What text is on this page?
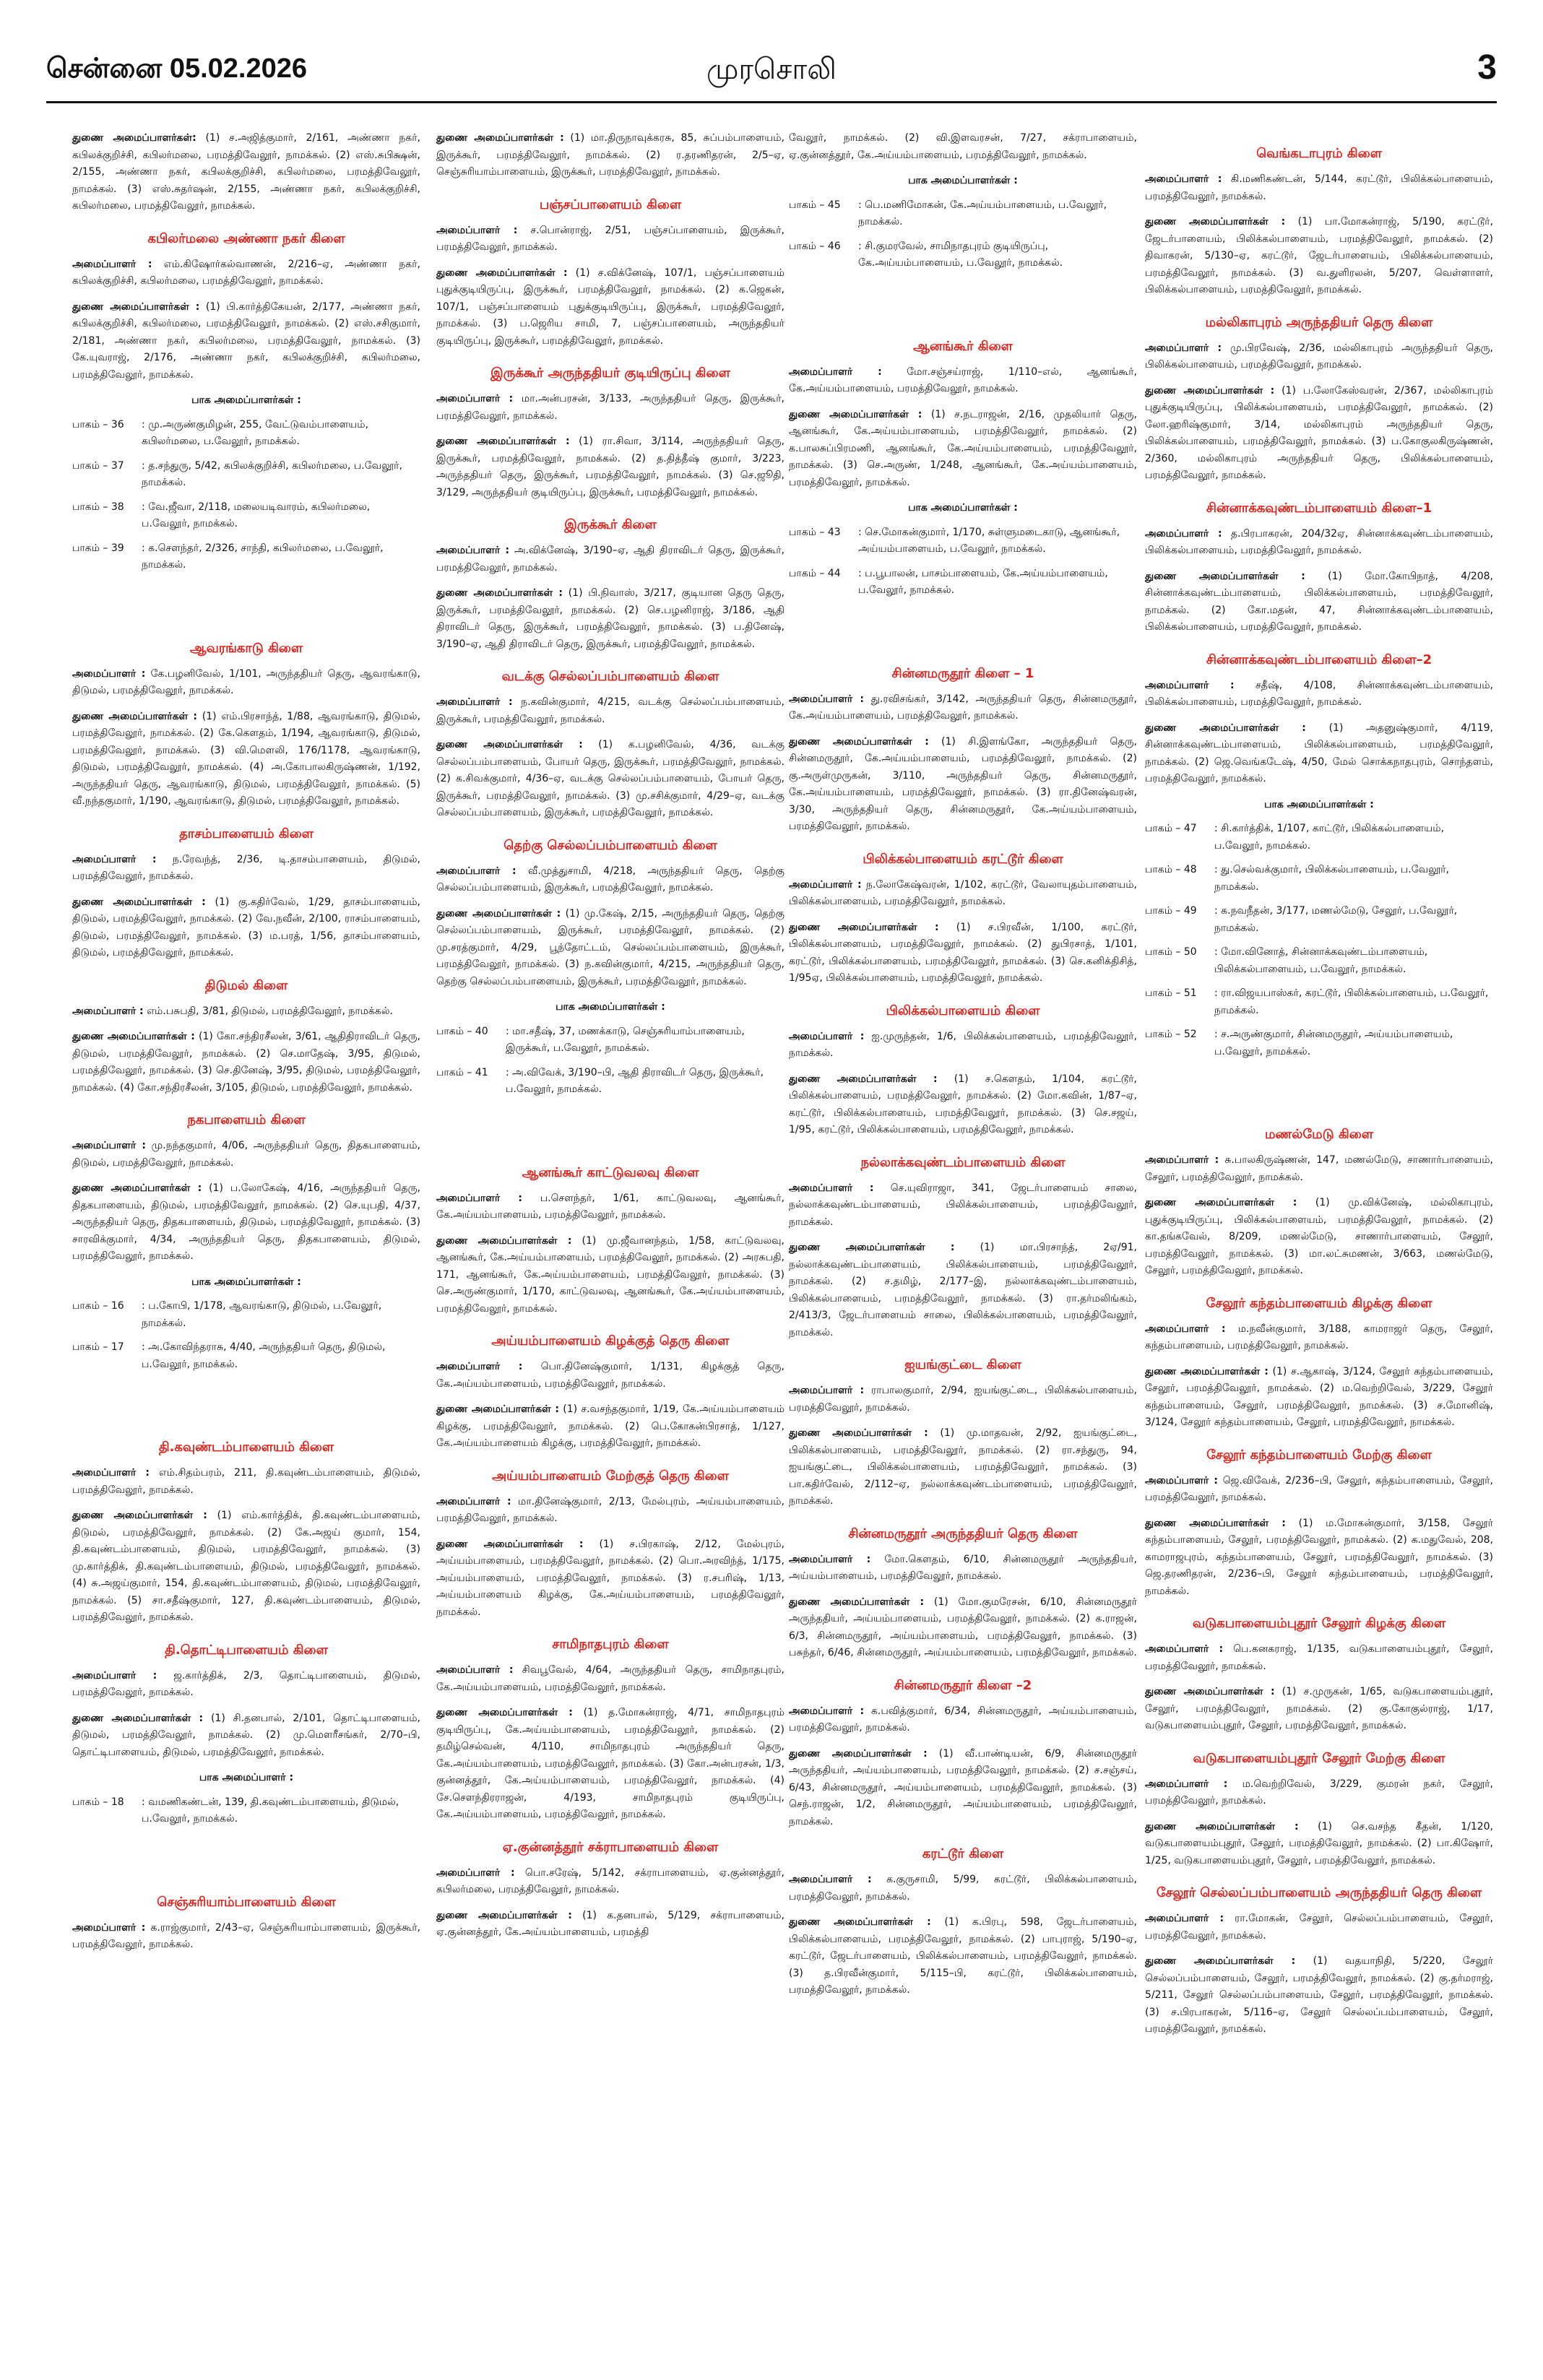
சென்னை 05.02.2026	முரசொலி	3

துணை அமைப்பாளர்கள்: (1) ச.அஜித்குமார், 2/161, அண்ணா நகர், கபிலக்குறிச்சி, கபிலர்மலை, பரமத்திவேலூர், நாமக்கல். (2) எஸ்.சுபிக்ஷன், 2/155, அண்ணா நகர், கபிலக்குறிச்சி, கபிலர்மலை, பரமத்திவேலூர், நாமக்கல். (3) எஸ்.சுதர்ஷன், 2/155, அண்ணா நகர், கபிலக்குறிச்சி, கபிலர்மலை, பரமத்திவேலூர், நாமக்கல்.

கபிலர்மலை அண்ணா நகர் கிளை

அமைப்பாளர் : எம்.கிஷோர்கல்வாணன், 2/216–ஏ, அண்ணா நகர், கபிலக்குறிச்சி, கபிலர்மலை, பரமத்திவேலூர், நாமக்கல்.

துணை அமைப்பாளர்கள் : (1) பி.கார்த்திகேயன், 2/177, அண்ணா நகர், கபிலக்குறிச்சி, கபிலர்மலை, பரமத்திவேலூர், நாமக்கல். (2) எஸ்.சசிகுமார், 2/181, அண்ணா நகர், கபிலர்மலை, பரமத்திவேலூர், நாமக்கல். (3) கே.யுவராஜ், 2/176, அண்ணா நகர், கபிலக்குறிச்சி, கபிலர்மலை, பரமத்திவேலூர், நாமக்கல்.

பாக அமைப்பாளர்கள் :
பாகம் – 36	: மு.அருண்குமிழன், 255, வேட்டுவம்பாளையம், கபிலர்மலை, ப.வேலூர், நாமக்கல்.
பாகம் – 37	: த.சந்துரு, 5/42, கபிலக்குறிச்சி, கபிலர்மலை, ப.வேலூர், நாமக்கல்.
பாகம் – 38	: வே.ஜீவா, 2/118, மலையடிவாரம், கபிலர்மலை, ப.வேலூர், நாமக்கல்.
பாகம் – 39	: க.செளந்தர், 2/326, சாந்தி, கபிலர்மலை, ப.வேலூர், நாமக்கல்.
ஆவரங்காடு கிளை

அமைப்பாளர் : கே.பழனிவேல், 1/101, அருந்ததியர் தெரு, ஆவரங்காடு, திடுமல், பரமத்திவேலூர், நாமக்கல்.

துணை அமைப்பாளர்கள் : (1) எம்.பிரசாந்த், 1/88, ஆவரங்காடு, திடுமல், பரமத்திவேலூர், நாமக்கல். (2) கே.கௌதம், 1/194, ஆவரங்காடு, திடுமல், பரமத்திவேலூர், நாமக்கல். (3) வி.மௌலி, 176/1178, ஆவரங்காடு, திடுமல், பரமத்திவேலூர், நாமக்கல். (4) அ.கோபாலகிருஷ்ணன், 1/192, அருந்ததியர் தெரு, ஆவரங்காடு, திடுமல், பரமத்திவேலூர், நாமக்கல். (5) வீ.நந்தகுமார், 1/190, ஆவரங்காடு, திடுமல், பரமத்திவேலூர், நாமக்கல்.

தாசம்பாளையம் கிளை

அமைப்பாளர் : ந.ரேவந்த், 2/36, டி.தாசம்பாளையம், திடுமல், பரமத்திவேலூர், நாமக்கல்.

துணை அமைப்பாளர்கள் : (1) கு.கதிர்வேல், 1/29, தாசம்பாளையம், திடுமல், பரமத்திவேலூர், நாமக்கல். (2) வே.நவீன், 2/100, ராசம்பாளையம், திடுமல், பரமத்திவேலூர், நாமக்கல். (3) ம.பரத், 1/56, தாசம்பாளையம், திடுமல், பரமத்திவேலூர், நாமக்கல்.

திடுமல் கிளை

அமைப்பாளர் : எம்.பசுபதி, 3/81, திடுமல், பரமத்திவேலூர், நாமக்கல்.

துணை அமைப்பாளர்கள் : (1) கோ.சந்திரசீலன், 3/61, ஆதிதிராவிடர் தெரு, திடுமல், பரமத்திவேலூர், நாமக்கல். (2) செ.மாதேஷ், 3/95, திடுமல், பரமத்திவேலூர், நாமக்கல். (3) செ.தினேஷ், 3/95, திடுமல், பரமத்திவேலூர், நாமக்கல். (4) கோ.சந்திரசீலன், 3/105, திடுமல், பரமத்திவேலூர், நாமக்கல்.

நகபாளையம் கிளை

அமைப்பாளர் : மு.நந்தகுமார், 4/06, அருந்ததியர் தெரு, திதகபாளையம், திடுமல், பரமத்திவேலூர், நாமக்கல்.

துணை அமைப்பாளர்கள் : (1) ப.லோகேஷ், 4/16, அருந்ததியர் தெரு, திதகபாளையம், திடுமல், பரமத்திவேலூர், நாமக்கல். (2) செ.யுபதி, 4/37, அருந்ததியர் தெரு, திதகபாளையம், திடுமல், பரமத்திவேலூர், நாமக்கல். (3) சாரவிக்குமார், 4/34, அருந்ததியர் தெரு, திதகபாளையம், திடுமல், பரமத்திவேலூர், நாமக்கல்.

பாக அமைப்பாளர்கள் :
பாகம் – 16	: ப.கோபி, 1/178, ஆவரங்காடு, திடுமல், ப.வேலூர், நாமக்கல்.
பாகம் – 17	: அ.கோவிந்தராசு, 4/40, அருந்ததியர் தெரு, திடுமல், ப.வேலூர், நாமக்கல்.
தி.கவுண்டம்பாளையம் கிளை

அமைப்பாளர் : எம்.சிதம்பரம், 211, தி.கவுண்டம்பாளையம், திடுமல், பரமத்திவேலூர், நாமக்கல்.

துணை அமைப்பாளர்கள் : (1) எம்.கார்த்திக், தி.கவுண்டம்பாளையம், திடுமல், பரமத்திவேலூர், நாமக்கல். (2) கே.அஜய் குமார், 154, தி.கவுண்டம்பாளையம், திடுமல், பரமத்திவேலூர், நாமக்கல். (3) மு.கார்த்திக், தி.கவுண்டம்பாளையம், திடுமல், பரமத்திவேலூர், நாமக்கல். (4) சு.அஜய்குமார், 154, தி.கவுண்டம்பாளையம், திடுமல், பரமத்திவேலூர், நாமக்கல். (5) சா.சதீஷ்குமார், 127, தி.கவுண்டம்பாளையம், திடுமல், பரமத்திவேலூர், நாமக்கல்.

தி.தொட்டிபாளையம் கிளை

அமைப்பாளர் : ஜ.கார்த்திக், 2/3, தொட்டிபாளையம், திடுமல், பரமத்திவேலூர், நாமக்கல்.

துணை அமைப்பாளர்கள் : (1) சி.தனபால், 2/101, தொட்டிபாளையம், திடுமல், பரமத்திவேலூர், நாமக்கல். (2) மு.மௌரீசங்கர், 2/70–பி, தொட்டிபாளையம், திடுமல், பரமத்திவேலூர், நாமக்கல்.

பாக அமைப்பாளர் :
பாகம் – 18	: வமணிகண்டன், 139, தி.கவுண்டம்பாளையம், திடுமல், ப.வேலூர், நாமக்கல்.
செஞ்சுரியாம்பாளையம் கிளை

அமைப்பாளர் : க.ராஜ்குமார், 2/43–ஏ, செஞ்சுரியாம்பாளையம், இருக்கூர், பரமத்திவேலூர், நாமக்கல்.

துணை அமைப்பாளர்கள் : (1) மா.திருநாவுக்கரசு, 85, சுப்பம்பாளையம், இருக்கூர், பரமத்திவேலூர், நாமக்கல். (2) ர.தரணிதரன், 2/5–ஏ, செஞ்சுரியாம்பாளையம், இருக்கூர், பரமத்திவேலூர், நாமக்கல்.

பஞ்சப்பாளையம் கிளை

அமைப்பாளர் : ச.பொன்ராஜ், 2/51, பஞ்சப்பாளையம், இருக்கூர், பரமத்திவேலூர், நாமக்கல்.

துணை அமைப்பாளர்கள் : (1) ச.விக்னேஷ், 107/1, பஞ்சப்பாளையம் புதுக்குடியிருப்பு, இருக்கூர், பரமத்திவேலூர், நாமக்கல். (2) க.ஜெகன், 107/1, பஞ்சப்பாளையம் புதுக்குடியிருப்பு, இருக்கூர், பரமத்திவேலூர், நாமக்கல். (3) ப.ஜெரிய சாமி, 7, பஞ்சப்பாளையம், அருந்ததியர் குடியிருப்பு, இருக்கூர், பரமத்திவேலூர், நாமக்கல்.

இருக்கூர் அருந்ததியர் குடியிருப்பு கிளை

அமைப்பாளர் : மா.அன்பரசன், 3/133, அருந்ததியர் தெரு, இருக்கூர், பரமத்திவேலூர், நாமக்கல்.

துணை அமைப்பாளர்கள் : (1) ரா.சிவா, 3/114, அருந்ததியர் தெரு, இருக்கூர், பரமத்திவேலூர், நாமக்கல். (2) த.தித்தீஷ் குமார், 3/223, அருந்ததியர் தெரு, இருக்கூர், பரமத்திவேலூர், நாமக்கல். (3) செ.ஜூதி, 3/129, அருந்ததியர் குடியிருப்பு, இருக்கூர், பரமத்திவேலூர், நாமக்கல்.

இருக்கூர் கிளை

அமைப்பாளர் : அ.விக்னேஷ், 3/190–ஏ, ஆதி திராவிடர் தெரு, இருக்கூர், பரமத்திவேலூர், நாமக்கல்.

துணை அமைப்பாளர்கள் : (1) பி.நிவாஸ், 3/217, குடியான தெரு தெரு, இருக்கூர், பரமத்திவேலூர், நாமக்கல். (2) செ.பழனிராஜ், 3/186, ஆதி திராவிடர் தெரு, இருக்கூர், பரமத்திவேலூர், நாமக்கல். (3) ப.தினேஷ், 3/190–ஏ, ஆதி திராவிடர் தெரு, இருக்கூர், பரமத்திவேலூர், நாமக்கல்.

வடக்கு செல்லப்பம்பாளையம் கிளை

அமைப்பாளர் : ந.கவின்குமார், 4/215, வடக்கு செல்லப்பம்பாளையம், இருக்கூர், பரமத்திவேலூர், நாமக்கல்.

துணை அமைப்பாளர்கள் : (1) க.பழனிவேல், 4/36, வடக்கு செல்லப்பம்பாளையம், போயர் தெரு, இருக்கூர், பரமத்திவேலூர், நாமக்கல். (2) க.சிவக்குமார், 4/36–ஏ, வடக்கு செல்லப்பம்பாளையம், போயர் தெரு, இருக்கூர், பரமத்திவேலூர், நாமக்கல். (3) மு.சசிக்குமார், 4/29–ஏ, வடக்கு செல்லப்பம்பாளையம், இருக்கூர், பரமத்திவேலூர், நாமக்கல்.

தெற்கு செல்லப்பம்பாளையம் கிளை

அமைப்பாளர் : வீ.முத்துசாமி, 4/218, அருந்ததியர் தெரு, தெற்கு செல்லப்பம்பாளையம், இருக்கூர், பரமத்திவேலூர், நாமக்கல்.

துணை அமைப்பாளர்கள் : (1) மு.கேஷ், 2/15, அருந்ததியர் தெரு, தெற்கு செல்லப்பம்பாளையம், இருக்கூர், பரமத்திவேலூர், நாமக்கல். (2) மு.சரத்குமார், 4/29, பூந்தோட்டம், செல்லப்பம்பாளையம், இருக்கூர், பரமத்திவேலூர், நாமக்கல். (3) ந.கவின்குமார், 4/215, அருந்ததியர் தெரு, தெற்கு செல்லப்பம்பாளையம், இருக்கூர், பரமத்திவேலூர், நாமக்கல்.

பாக அமைப்பாளர்கள் :
பாகம் – 40	: மா.சதீஷ், 37, மணக்காடு, செஞ்சுரியாம்பாளையம், இருக்கூர், ப.வேலூர், நாமக்கல்.
பாகம் – 41	: அ.விவேக், 3/190–பி, ஆதி திராவிடர் தெரு, இருக்கூர், ப.வேலூர், நாமக்கல்.
ஆனங்கூர் காட்டுவலவு கிளை

அமைப்பாளர் : ப.சௌந்தர், 1/61, காட்டுவலவு, ஆனங்கூர், கே.அய்யம்பாளையம், பரமத்திவேலூர், நாமக்கல்.

துணை அமைப்பாளர்கள் : (1) மு.ஜீவானந்தம், 1/58, காட்டுவலவு, ஆனங்கூர், கே.அய்யம்பாளையம், பரமத்திவேலூர், நாமக்கல். (2) அரசுபதி, 171, ஆனங்கூர், கே.அய்யம்பாளையம், பரமத்திவேலூர், நாமக்கல். (3) செ.அருண்குமார், 1/170, காட்டுவலவு, ஆனங்கூர், கே.அய்யம்பாளையம், பரமத்திவேலூர், நாமக்கல்.

அய்யம்பாளையம் கிழக்குத் தெரு கிளை

அமைப்பாளர் : பொ.தினேஷ்குமார், 1/131, கிழக்குத் தெரு, கே.அய்யம்பாளையம், பரமத்திவேலூர், நாமக்கல்.

துணை அமைப்பாளர்கள் : (1) ச.வசந்தகுமார், 1/19, கே.அய்யம்பாளையம் கிழக்கு, பரமத்திவேலூர், நாமக்கல். (2) பெ.கோகன்பிரசாத், 1/127, கே.அய்யம்பாளையம் கிழக்கு, பரமத்திவேலூர், நாமக்கல்.

அய்யம்பாளையம் மேற்குத் தெரு கிளை

அமைப்பாளர் : மா.தினேஷ்குமார், 2/13, மேல்புரம், அய்யம்பாளையம், பரமத்திவேலூர், நாமக்கல்.

துணை அமைப்பாளர்கள் : (1) ச.பிரகாஷ், 2/12, மேல்புரம், அய்யம்பாளையம், பரமத்திவேலூர், நாமக்கல். (2) பொ.அரவிந்த், 1/175, அய்யம்பாளையம், பரமத்திவேலூர், நாமக்கல். (3) ர.சபரிஷ், 1/13, அய்யம்பாளையம் கிழக்கு, கே.அய்யம்பாளையம், பரமத்திவேலூர், நாமக்கல்.

சாமிநாதபுரம் கிளை

அமைப்பாளர் : சிவபூவேல், 4/64, அருந்ததியர் தெரு, சாமிநாதபுரம், கே.அய்யம்பாளையம், பரமத்திவேலூர், நாமக்கல்.

துணை அமைப்பாளர்கள் : (1) த.மோகன்ராஜ், 4/71, சாமிநாதபுரம் குடியிருப்பு, கே.அய்யம்பாளையம், பரமத்திவேலூர், நாமக்கல். (2) தமிழ்செல்வன், 4/110, சாமிநாதபுரம் அருந்ததியர் தெரு, கே.அய்யம்பாளையம், பரமத்திவேலூர், நாமக்கல். (3) கோ.அன்பரசன், 1/3, குன்னத்தூர், கே.அய்யம்பாளையம், பரமத்திவேலூர், நாமக்கல். (4) சே.சௌந்திரராஜன், 4/193, சாமிநாதபுரம் குடியிருப்பு, கே.அய்யம்பாளையம், பரமத்திவேலூர், நாமக்கல்.

ஏ.குன்னத்தூர் சக்ராபாளையம் கிளை

அமைப்பாளர் : பொ.சரேஷ், 5/142, சக்ராபாளையம், ஏ.குன்னத்தூர், கபிலர்மலை, பரமத்திவேலூர், நாமக்கல்.

துணை அமைப்பாளர்கள் : (1) க.தனபால், 5/129, சக்ராபாளையம், ஏ.குன்னத்தூர், கே.அய்யம்பாளையம், பரமத்தி

வேலூர், நாமக்கல். (2) வி.இளவரசன், 7/27, சக்ராபாளையம், ஏ.குன்னத்தூர், கே.அய்யம்பாளையம், பரமத்திவேலூர், நாமக்கல்.

பாக அமைப்பாளர்கள் :
பாகம் – 45	: பெ.மணிமோகன், கே.அய்யம்பாளையம், ப.வேலூர், நாமக்கல்.
பாகம் – 46	: சி.குமரவேல், சாமிநாதபுரம் குடியிருப்பு, கே.அய்யம்பாளையம், ப.வேலூர், நாமக்கல்.
ஆனங்கூர் கிளை

அமைப்பாளர் : மோ.சஞ்சய்ராஜ், 1/110–எல், ஆனங்கூர், கே.அய்யம்பாளையம், பரமத்திவேலூர், நாமக்கல்.

துணை அமைப்பாளர்கள் : (1) ச.நடராஜன், 2/16, முதலியார் தெரு, ஆனங்கூர், கே.அய்யம்பாளையம், பரமத்திவேலூர், நாமக்கல். (2) க.பாலசுப்பிரமணி, ஆனங்கூர், கே.அய்யம்பாளையம், பரமத்திவேலூர், நாமக்கல். (3) செ.அருண், 1/248, ஆனங்கூர், கே.அய்யம்பாளையம், பரமத்திவேலூர், நாமக்கல்.

பாக அமைப்பாளர்கள் :
பாகம் – 43	: செ.மோகன்குமார், 1/170, சுள்ளுமடைகாடு, ஆனங்கூர், அய்யம்பாளையம், ப.வேலூர், நாமக்கல்.
பாகம் – 44	: ப.பூபாலன், பாசம்பாளையம், கே.அய்யம்பாளையம், ப.வேலூர், நாமக்கல்.
சின்னமருதூர் கிளை – 1

அமைப்பாளர் : து.ரவிசங்கர், 3/142, அருந்ததியர் தெரு, சின்னமருதூர், கே.அய்யம்பாளையம், பரமத்திவேலூர், நாமக்கல்.

துணை அமைப்பாளர்கள் : (1) சி.இளங்கோ, அருந்ததியர் தெரு, சின்னமருதூர், கே.அய்யம்பாளையம், பரமத்திவேலூர், நாமக்கல். (2) கு.அருள்முருகன், 3/110, அருந்ததியர் தெரு, சின்னமருதூர், கே.அய்யம்பாளையம், பரமத்திவேலூர், நாமக்கல். (3) ரா.தினேஷ்வரன், 3/30, அருந்ததியர் தெரு, சின்னமருதூர், கே.அய்யம்பாளையம், பரமத்திவேலூர், நாமக்கல்.

பிலிக்கல்பாளையம் கரட்டூர் கிளை

அமைப்பாளர் : ந.லோகேஷ்வரன், 1/102, கரட்டூர், வேலாயுதம்பாளையம், பிலிக்கல்பாளையம், பரமத்திவேலூர், நாமக்கல்.

துணை அமைப்பாளர்கள் : (1) ச.பிரவீன், 1/100, கரட்டூர், பிலிக்கல்பாளையம், பரமத்திவேலூர், நாமக்கல். (2) துபிரசாத், 1/101, கரட்டூர், பிலிக்கல்பாளையம், பரமத்திவேலூர், நாமக்கல். (3) செ.கனிக்திசித், 1/95ஏ, பிலிக்கல்பாளையம், பரமத்திவேலூர், நாமக்கல்.

பிலிக்கல்பாளையம் கிளை

அமைப்பாளர் : ஐ.முருந்தன், 1/6, பிலிக்கல்பாளையம், பரமத்திவேலூர், நாமக்கல்.

துணை அமைப்பாளர்கள் : (1) ச.கௌதம், 1/104, கரட்டூர், பிலிக்கல்பாளையம், பரமத்திவேலூர், நாமக்கல். (2) மோ.கவின், 1/87–ஏ, கரட்டூர், பிலிக்கல்பாளையம், பரமத்திவேலூர், நாமக்கல். (3) செ.சஜய், 1/95, கரட்டூர், பிலிக்கல்பாளையம், பரமத்திவேலூர், நாமக்கல்.

நல்லாக்கவுண்டம்பாளையம் கிளை

அமைப்பாளர் : செ.யுவிராஜா, 341, ஜேடர்பாளையம் சாலை, நல்லாக்கவுண்டம்பாளையம், பிலிக்கல்பாளையம், பரமத்திவேலூர், நாமக்கல்.

துணை அமைப்பாளர்கள் : (1) மா.பிரசாந்த், 2ஏ/91, நல்லாக்கவுண்டம்பாளையம், பிலிக்கல்பாளையம், பரமத்திவேலூர், நாமக்கல். (2) ச.தமிழ், 2/177–இ, நல்லாக்கவுண்டம்பாளையம், பிலிக்கல்பாளையம், பரமத்திவேலூர், நாமக்கல். (3) ரா.தர்மலிங்கம், 2/413/3, ஜேடர்பாளையம் சாலை, பிலிக்கல்பாளையம், பரமத்திவேலூர், நாமக்கல்.

ஐயங்குட்டை கிளை

அமைப்பாளர் : ராபாலகுமார், 2/94, ஐயங்குட்டை, பிலிக்கல்பாளையம், பரமத்திவேலூர், நாமக்கல்.

துணை அமைப்பாளர்கள் : (1) மு.மாதவன், 2/92, ஐயங்குட்டை, பிலிக்கல்பாளையம், பரமத்திவேலூர், நாமக்கல். (2) ரா.சந்துரு, 94, ஐயங்குட்டை, பிலிக்கல்பாளையம், பரமத்திவேலூர், நாமக்கல். (3) பா.கதிர்வேல், 2/112–ஏ, நல்லாக்கவுண்டம்பாளையம், பரமத்திவேலூர், நாமக்கல்.

சின்னமருதூர் அருந்ததியர் தெரு கிளை

அமைப்பாளர் : மோ.கௌதம், 6/10, சின்னமருதூர் அருந்ததியர், அய்யம்பாளையம், பரமத்திவேலூர், நாமக்கல்.

துணை அமைப்பாளர்கள் : (1) மோ.குமரேசன், 6/10, சின்னமருதூர் அருந்ததியர், அய்யம்பாளையம், பரமத்திவேலூர், நாமக்கல். (2) க.ராஜன், 6/3, சின்னமருதூர், அய்யம்பாளையம், பரமத்திவேலூர், நாமக்கல். (3) பசுந்தர், 6/46, சின்னமருதூர், அய்யம்பாளையம், பரமத்திவேலூர், நாமக்கல்.

சின்னமருதூர் கிளை –2

அமைப்பாளர் : க.பவித்குமார், 6/34, சின்னமருதூர், அய்யம்பாளையம், பரமத்திவேலூர், நாமக்கல்.

துணை அமைப்பாளர்கள் : (1) வீ.பாண்டியன், 6/9, சின்னமருதூர் அருந்ததியர், அய்யம்பாளையம், பரமத்திவேலூர், நாமக்கல். (2) ச.சஞ்சய், 6/43, சின்னமருதூர், அய்யம்பாளையம், பரமத்திவேலூர், நாமக்கல். (3) செந்.ராஜன், 1/2, சின்னமருதூர், அய்யம்பாளையம், பரமத்திவேலூர், நாமக்கல்.

கரட்டூர் கிளை

அமைப்பாளர் : க.குருசாமி, 5/99, கரட்டூர், பிலிக்கல்பாளையம், பரமத்திவேலூர், நாமக்கல்.

துணை அமைப்பாளர்கள் : (1) க.பிரபு, 598, ஜேடர்பாளையம், பிலிக்கல்பாளையம், பரமத்திவேலூர், நாமக்கல். (2) பாபுராஜ், 5/190–ஏ, கரட்டூர், ஜேடர்பாளையம், பிலிக்கல்பாளையம், பரமத்திவேலூர், நாமக்கல். (3) த.பிரவீன்குமார், 5/115–பி, கரட்டூர், பிலிக்கல்பாளையம், பரமத்திவேலூர், நாமக்கல்.

வெங்கடாபுரம் கிளை

அமைப்பாளர் : கி.மணிகண்டன், 5/144, கரட்டூர், பிலிக்கல்பாளையம், பரமத்திவேலூர், நாமக்கல்.

துணை அமைப்பாளர்கள் : (1) பா.மோகன்ராஜ், 5/190, கரட்டூர், ஜேடர்பாளையம், பிலிக்கல்பாளையம், பரமத்திவேலூர், நாமக்கல். (2) திவாகரன், 5/130–ஏ, கரட்டூர், ஜேடர்பாளையம், பிலிக்கல்பாளையம், பரமத்திவேலூர், நாமக்கல். (3) வ.துளிரலன், 5/207, வெள்ளாளர், பிலிக்கல்பாளையம், பரமத்திவேலூர், நாமக்கல்.

மல்லிகாபுரம் அருந்ததியர் தெரு கிளை

அமைப்பாளர் : மு.பிரவேஷ், 2/36, மல்லிகாபுரம் அருந்ததியர் தெரு, பிலிக்கல்பாளையம், பரமத்திவேலூர், நாமக்கல்.

துணை அமைப்பாளர்கள் : (1) ப.லோகேஸ்வரன், 2/367, மல்லிகாபுரம் புதுக்குடியிருப்பு, பிலிக்கல்பாளையம், பரமத்திவேலூர், நாமக்கல். (2) லோ.ஹரிஷ்குமார், 3/14, மல்லிகாபுரம் அருந்ததியர் தெரு, பிலிக்கல்பாளையம், பரமத்திவேலூர், நாமக்கல். (3) ப.கோகுலகிருஷ்ணன், 2/360, மல்லிகாபுரம் அருந்ததியர் தெரு, பிலிக்கல்பாளையம், பரமத்திவேலூர், நாமக்கல்.

சின்னாக்கவுண்டம்பாளையம் கிளை–1

அமைப்பாளர் : த.பிரபாகரன், 204/32ஏ, சின்னாக்கவுண்டம்பாளையம், பிலிக்கல்பாளையம், பரமத்திவேலூர், நாமக்கல்.

துணை அமைப்பாளர்கள் : (1) மோ.கோபிநாத், 4/208, சின்னாக்கவுண்டம்பாளையம், பிலிக்கல்பாளையம், பரமத்திவேலூர், நாமக்கல். (2) கோ.மதன், 47, சின்னாக்கவுண்டம்பாளையம், பிலிக்கல்பாளையம், பரமத்திவேலூர், நாமக்கல்.

சின்னாக்கவுண்டம்பாளையம் கிளை–2

அமைப்பாளர் : சதீஷ், 4/108, சின்னாக்கவுண்டம்பாளையம், பிலிக்கல்பாளையம், பரமத்திவேலூர், நாமக்கல்.

துணை அமைப்பாளர்கள் : (1) அதனுஷ்குமார், 4/119, சின்னாக்கவுண்டம்பாளையம், பிலிக்கல்பாளையம், பரமத்திவேலூர், நாமக்கல். (2) ஜெ.வெங்கடேஷ், 4/50, மேல் சொக்கநாதபுரம், சொந்தளம், பரமத்திவேலூர், நாமக்கல்.

பாக அமைப்பாளர்கள் :
பாகம் – 47	: சி.கார்த்திக், 1/107, காட்டூர், பிலிக்கல்பாளையம், ப.வேலூர், நாமக்கல்.
பாகம் – 48	: து.செல்வக்குமார், பிலிக்கல்பாளையம், ப.வேலூர், நாமக்கல்.
பாகம் – 49	: க.நவநீதன், 3/177, மணல்மேடு, சேலூர், ப.வேலூர், நாமக்கல்.
பாகம் – 50	: மோ.வினோத், சின்னாக்கவுண்டம்பாளையம், பிலிக்கல்பாளையம், ப.வேலூர், நாமக்கல்.
பாகம் – 51	: ரா.விஜயபாஸ்கர், கரட்டூர், பிலிக்கல்பாளையம், ப.வேலூர், நாமக்கல்.
பாகம் – 52	: ச.அருண்குமார், சின்னமருதூர், அய்யம்பாளையம், ப.வேலூர், நாமக்கல்.
மணல்மேடு கிளை

அமைப்பாளர் : சு.பாலகிருஷ்ணன், 147, மணல்மேடு, சாணார்பாளையம், சேலூர், பரமத்திவேலூர், நாமக்கல்.

துணை அமைப்பாளர்கள் : (1) மு.விக்னேஷ், மல்லிகாபுரம், புதுக்குடியிருப்பு, பிலிக்கல்பாளையம், பரமத்திவேலூர், நாமக்கல். (2) கா.தங்கவேல், 8/209, மணல்மேடு, சாணார்பாளையம், சேலூர், பரமத்திவேலூர், நாமக்கல். (3) மா.லட்சுமணன், 3/663, மணல்மேடு, சேலூர், பரமத்திவேலூர், நாமக்கல்.

சேலூர் கந்தம்பாளையம் கிழக்கு கிளை

அமைப்பாளர் : ம.நவீன்குமார், 3/188, காமராஜர் தெரு, சேலூர், கந்தம்பாளையம், பரமத்திவேலூர், நாமக்கல்.

துணை அமைப்பாளர்கள் : (1) ச.ஆகாஷ், 3/124, சேலூர் கந்தம்பாளையம், சேலூர், பரமத்திவேலூர், நாமக்கல். (2) ம.வெற்றிவேல், 3/229, சேலூர் கந்தம்பாளையம், சேலூர், பரமத்திவேலூர், நாமக்கல். (3) ச.மோனிஷ், 3/124, சேலூர் கந்தம்பாளையம், சேலூர், பரமத்திவேலூர், நாமக்கல்.

சேலூர் கந்தம்பாளையம் மேற்கு கிளை

அமைப்பாளர் : ஜெ.விவேக், 2/236–பி, சேலூர், கந்தம்பாளையம், சேலூர், பரமத்திவேலூர், நாமக்கல்.

துணை அமைப்பாளர்கள் : (1) ம.மோகன்குமார், 3/158, சேலூர் கந்தம்பாளையம், சேலூர், பரமத்திவேலூர், நாமக்கல். (2) க.மதுவேல், 208, காமராஜபுரம், கந்தம்பாளையம், சேலூர், பரமத்திவேலூர், நாமக்கல். (3) ஜெ.தரணிதரன், 2/236–பி, சேலூர் கந்தம்பாளையம், பரமத்திவேலூர், நாமக்கல்.

வடுகபாளையம்புதூர் சேலூர் கிழக்கு கிளை

அமைப்பாளர் : பெ.கனகராஜ், 1/135, வடுகபாளையம்புதூர், சேலூர், பரமத்திவேலூர், நாமக்கல்.

துணை அமைப்பாளர்கள் : (1) ச.முருகன், 1/65, வடுகபாளையம்புதூர், சேலூர், பரமத்திவேலூர், நாமக்கல். (2) கு.கோகுல்ராஜ், 1/17, வடுகபாளையம்புதூர், சேலூர், பரமத்திவேலூர், நாமக்கல்.

வடுகபாளையம்புதூர் சேலூர் மேற்கு கிளை

அமைப்பாளர் : ம.வெற்றிவேல், 3/229, குமரன் நகர், சேலூர், பரமத்திவேலூர், நாமக்கல்.

துணை அமைப்பாளர்கள் : (1) செ.வசந்த கீதன், 1/120, வடுகபாளையம்புதூர், சேலூர், பரமத்திவேலூர், நாமக்கல். (2) பா.கிஷோர், 1/25, வடுகபாளையம்புதூர், சேலூர், பரமத்திவேலூர், நாமக்கல்.

சேலூர் செல்லப்பம்பாளையம் அருந்ததியர் தெரு கிளை

அமைப்பாளர் : ரா.மோகன், சேலூர், செல்லப்பம்பாளையம், சேலூர், பரமத்திவேலூர், நாமக்கல்.

துணை அமைப்பாளர்கள் : (1) வதயாநிதி, 5/220, சேலூர் செல்லப்பம்பாளையம், சேலூர், பரமத்திவேலூர், நாமக்கல். (2) கு.தர்மராஜ், 5/211, சேலூர் செல்லப்பம்பாளையம், சேலூர், பரமத்திவேலூர், நாமக்கல். (3) ச.பிரபாகரன், 5/116–ஏ, சேலூர் செல்லப்பம்பாளையம், சேலூர், பரமத்திவேலூர், நாமக்கல்.
